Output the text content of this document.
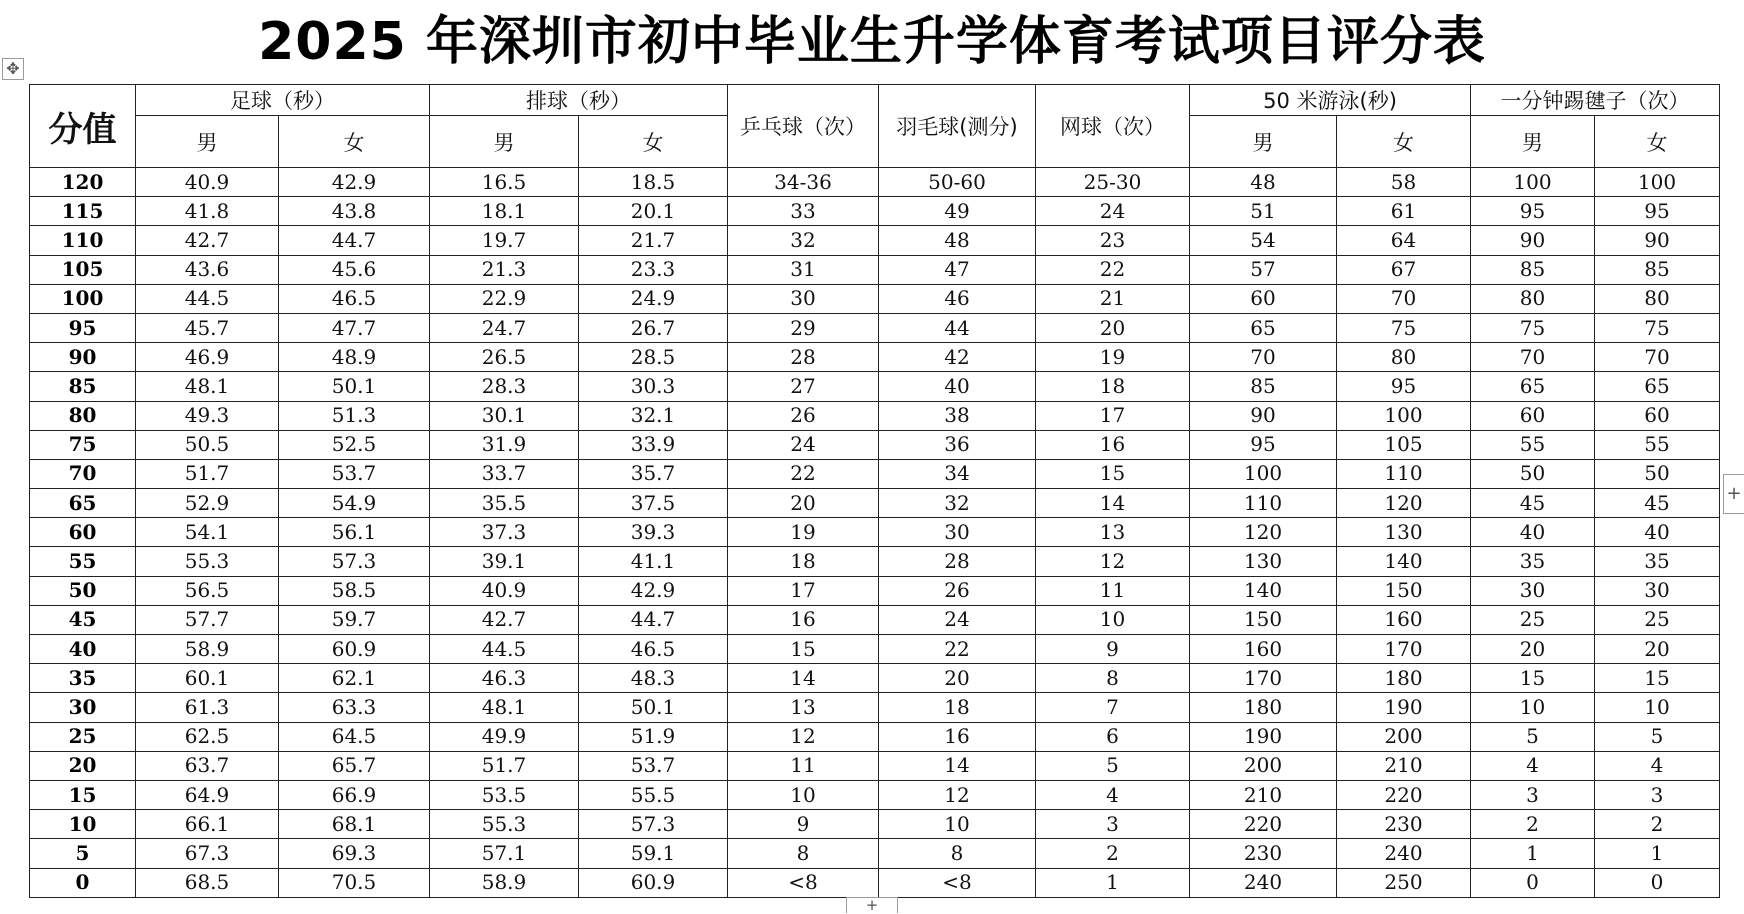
2025 年深圳市初中毕业生升学体育考试项目评分表
✥
分值	足球（秒）		排球（秒）		乒乓球（次）	羽毛球(测分)	网球（次）	50 米游泳(秒)		一分钟踢毽子（次）	
	男	女	男	女				男	女	男	女
120	40.9	42.9	16.5	18.5	34-36	50-60	25-30	48	58	100	100
115	41.8	43.8	18.1	20.1	33	49	24	51	61	95	95
110	42.7	44.7	19.7	21.7	32	48	23	54	64	90	90
105	43.6	45.6	21.3	23.3	31	47	22	57	67	85	85
100	44.5	46.5	22.9	24.9	30	46	21	60	70	80	80
95	45.7	47.7	24.7	26.7	29	44	20	65	75	75	75
90	46.9	48.9	26.5	28.5	28	42	19	70	80	70	70
85	48.1	50.1	28.3	30.3	27	40	18	85	95	65	65
80	49.3	51.3	30.1	32.1	26	38	17	90	100	60	60
75	50.5	52.5	31.9	33.9	24	36	16	95	105	55	55
70	51.7	53.7	33.7	35.7	22	34	15	100	110	50	50
65	52.9	54.9	35.5	37.5	20	32	14	110	120	45	45
60	54.1	56.1	37.3	39.3	19	30	13	120	130	40	40
55	55.3	57.3	39.1	41.1	18	28	12	130	140	35	35
50	56.5	58.5	40.9	42.9	17	26	11	140	150	30	30
45	57.7	59.7	42.7	44.7	16	24	10	150	160	25	25
40	58.9	60.9	44.5	46.5	15	22	9	160	170	20	20
35	60.1	62.1	46.3	48.3	14	20	8	170	180	15	15
30	61.3	63.3	48.1	50.1	13	18	7	180	190	10	10
25	62.5	64.5	49.9	51.9	12	16	6	190	200	5	5
20	63.7	65.7	51.7	53.7	11	14	5	200	210	4	4
15	64.9	66.9	53.5	55.5	10	12	4	210	220	3	3
10	66.1	68.1	55.3	57.3	9	10	3	220	230	2	2
5	67.3	69.3	57.1	59.1	8	8	2	230	240	1	1
0	68.5	70.5	58.9	60.9	<8	<8	1	240	250	0	0
+
+
